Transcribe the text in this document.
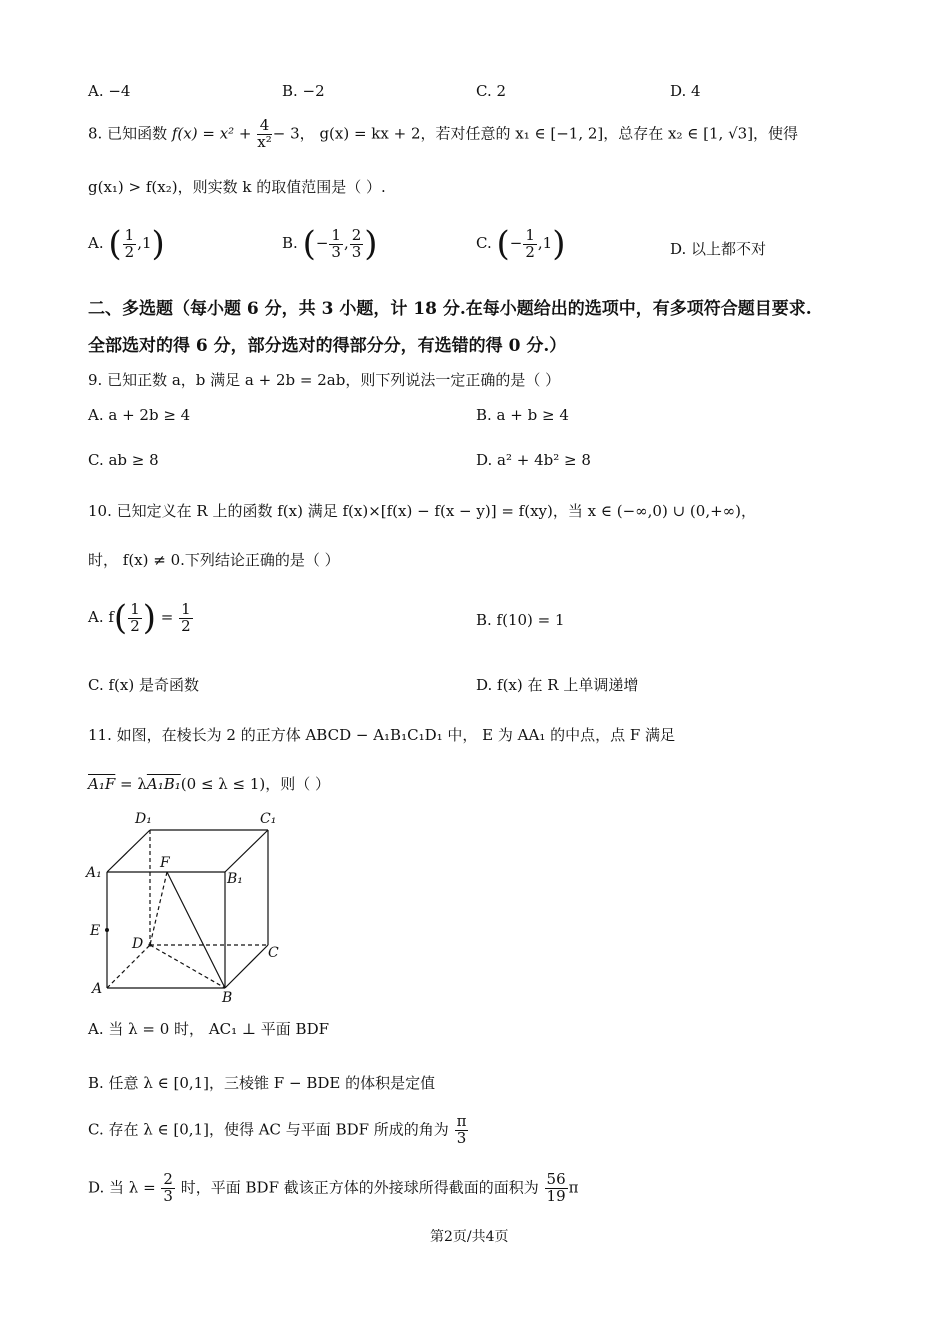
A. −4	B. −2	C. 2	D. 4
8. 已知函数 $f(x) = x^2 + \frac{4}{\text{x²}} - 3$， g(x) = kx + 2，若对任意的 x₁ ∈ [−1, 2]，总存在 x₂ ∈ [1, √3]，使得
g(x₁) > f(x₂)，则实数 k 的取值范围是（ ）.
A. ( $\frac{1}{2} ,1$)	B. (− $\frac{1}{3}$ , $\frac{2}{3}$ )	C. (− $\frac{1}{2} ,1$)	D. 以上都不对
二、多选题（每小题 6 分，共 3 小题，计 18 分.在每小题给出的选项中，有多项符合题目要求.
全部选对的得 6 分，部分选对的得部分分，有选错的得 0 分.）
9. 已知正数 a，b 满足 a + 2b = 2ab，则下列说法一定正确的是（ ）
A. a + 2b ≥ 4	B. a + b ≥ 4
C. ab ≥ 8	D. a² + 4b² ≥ 8
10. 已知定义在 R 上的函数 f(x) 满足 f(x)×[f(x) − f(x − y)] = f(xy)，当 x ∈ (−∞,0) ∪ (0,+∞)，
时， f(x) ≠ 0.下列结论正确的是（ ）
A. $f( \frac{1}{2}$ ) = $\frac{1}{2}$	B. f(10) = 1
C. f(x) 是奇函数	D. f(x) 在 R 上单调递增
11. 如图，在棱长为 2 的正方体 ABCD − A₁B₁C₁D₁ 中， E 为 AA₁ 的中点，点 F 满足
A₁F = λA₁B₁(0 ≤ λ ≤ 1)，则（ ）
D₁	C₁
A₁	B₁
F
E
D
C
A
B
A. 当 λ = 0 时， AC₁ ⊥ 平面 BDF
B. 任意 λ ∈ [0,1]，三棱锥 F − BDE 的体积是定值
C. 存在 λ ∈ [0,1]，使得 AC 与平面 BDF 所成的角为 $\frac{\pi}{3}$
D. 当 $\lambda = \frac{2}{3}$ 时，平面 BDF 截该正方体的外接球所得截面的面积为 $\frac{56}{19}$ π
第2页/共4页
